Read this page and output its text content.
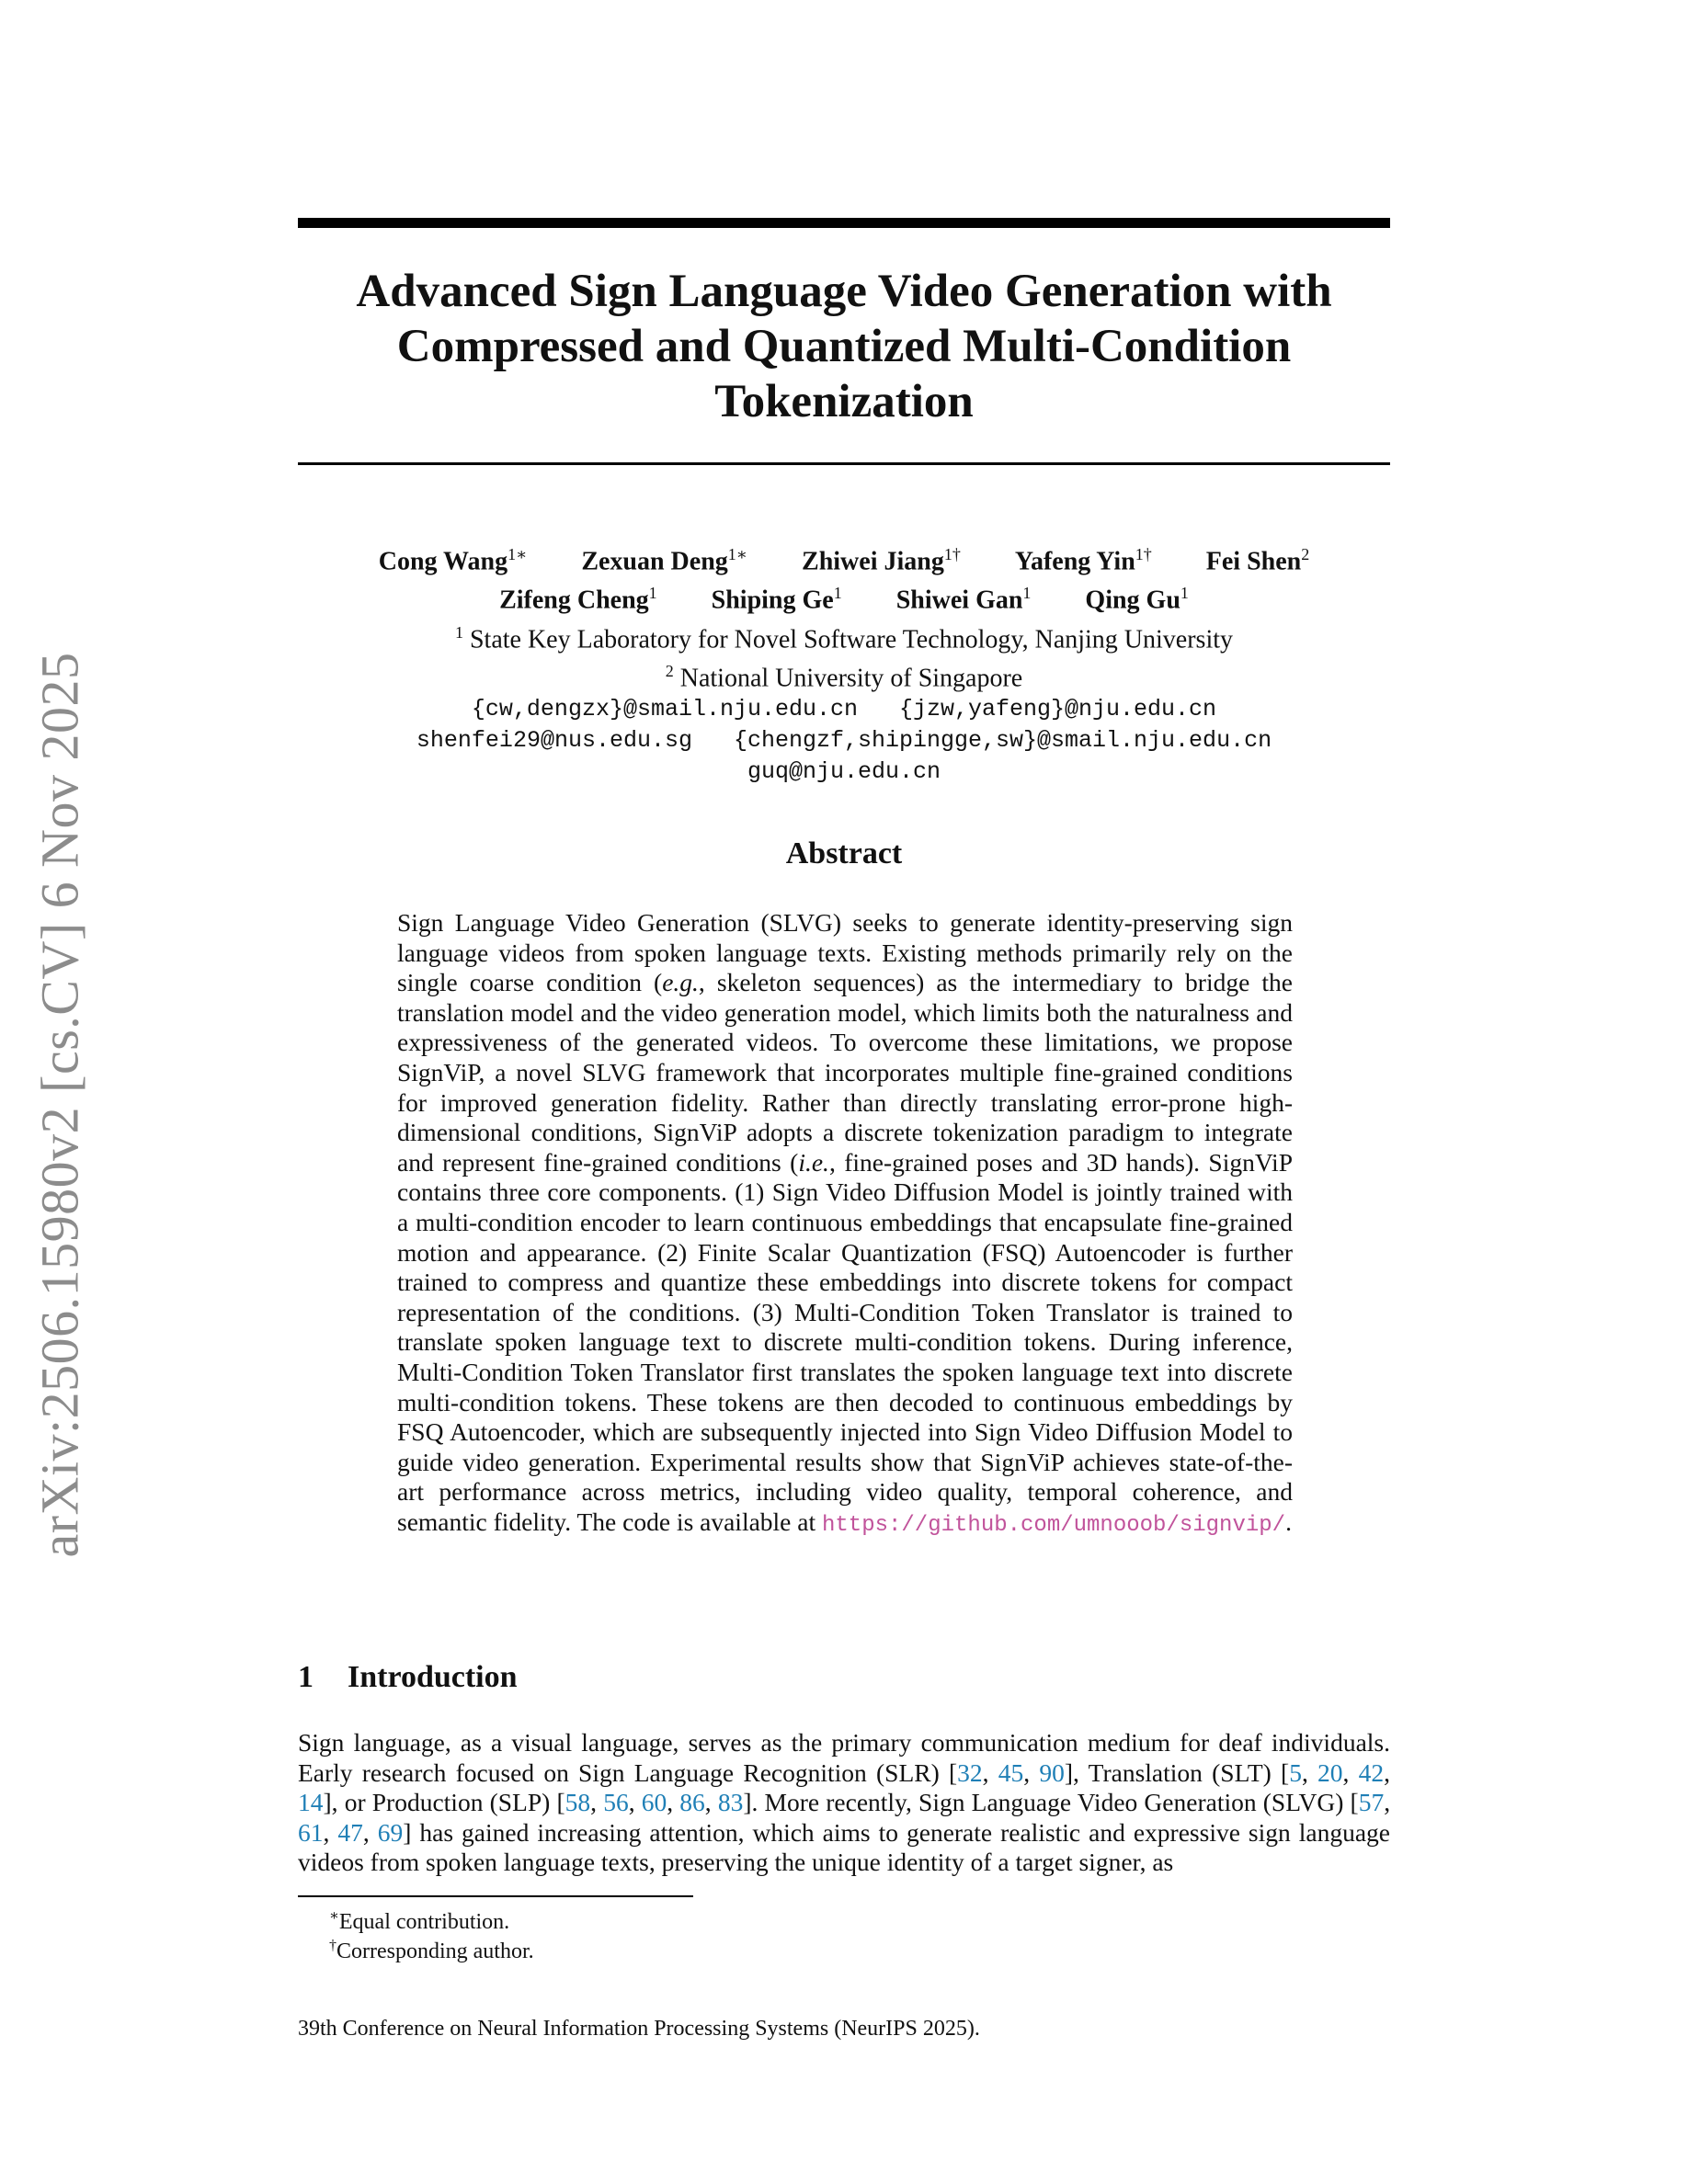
arXiv:2506.15980v2 [cs.CV] 6 Nov 2025
Advanced Sign Language Video Generation with
Compressed and Quantized Multi-Condition
Tokenization
Cong Wang$^{1∗}$ Zexuan Deng$^{1∗}$ Zhiwei Jiang$^{1\dagger}$ Yafeng Yin$^{1\dagger}$ Fei Shen$^2$
Zifeng Cheng$^1$ Shiping Ge$^1$ Shiwei Gan$^1$ Qing Gu$^1$
$^1$ State Key Laboratory for Novel Software Technology, Nanjing University
$^2$ National University of Singapore
{cw,dengzx}@smail.nju.edu.cn   {jzw,yafeng}@nju.edu.cn
shenfei29@nus.edu.sg   {chengzf,shipingge,sw}@smail.nju.edu.cn
guq@nju.edu.cn
Abstract
Sign Language Video Generation (SLVG) seeks to generate identity-preserving sign language videos from spoken language texts. Existing methods primarily rely on the single coarse condition (e.g., skeleton sequences) as the intermediary to bridge the translation model and the video generation model, which limits both the naturalness and expressiveness of the generated videos. To overcome these limitations, we propose SignViP, a novel SLVG framework that incorporates multiple fine-grained conditions for improved generation fidelity. Rather than directly translating error-prone high-dimensional conditions, SignViP adopts a discrete tokenization paradigm to integrate and represent fine-grained conditions (i.e., fine-grained poses and 3D hands). SignViP contains three core components. (1) Sign Video Diffusion Model is jointly trained with a multi-condition encoder to learn continuous embeddings that encapsulate fine-grained motion and appearance. (2) Finite Scalar Quantization (FSQ) Autoencoder is further trained to compress and quantize these embeddings into discrete tokens for compact representation of the conditions. (3) Multi-Condition Token Translator is trained to translate spoken language text to discrete multi-condition tokens. During inference, Multi-Condition Token Translator first translates the spoken language text into discrete multi-condition tokens. These tokens are then decoded to continuous embeddings by FSQ Autoencoder, which are subsequently injected into Sign Video Diffusion Model to guide video generation. Experimental results show that SignViP achieves state-of-the-art performance across metrics, including video quality, temporal coherence, and semantic fidelity. The code is available at https://github.com/umnooob/signvip/.
1 Introduction
Sign language, as a visual language, serves as the primary communication medium for deaf individuals. Early research focused on Sign Language Recognition (SLR) [32, 45, 90], Translation (SLT) [5, 20, 42, 14], or Production (SLP) [58, 56, 60, 86, 83]. More recently, Sign Language Video Generation (SLVG) [57, 61, 47, 69] has gained increasing attention, which aims to generate realistic and expressive sign language videos from spoken language texts, preserving the unique identity of a target signer, as
∗Equal contribution.
†Corresponding author.
39th Conference on Neural Information Processing Systems (NeurIPS 2025).
